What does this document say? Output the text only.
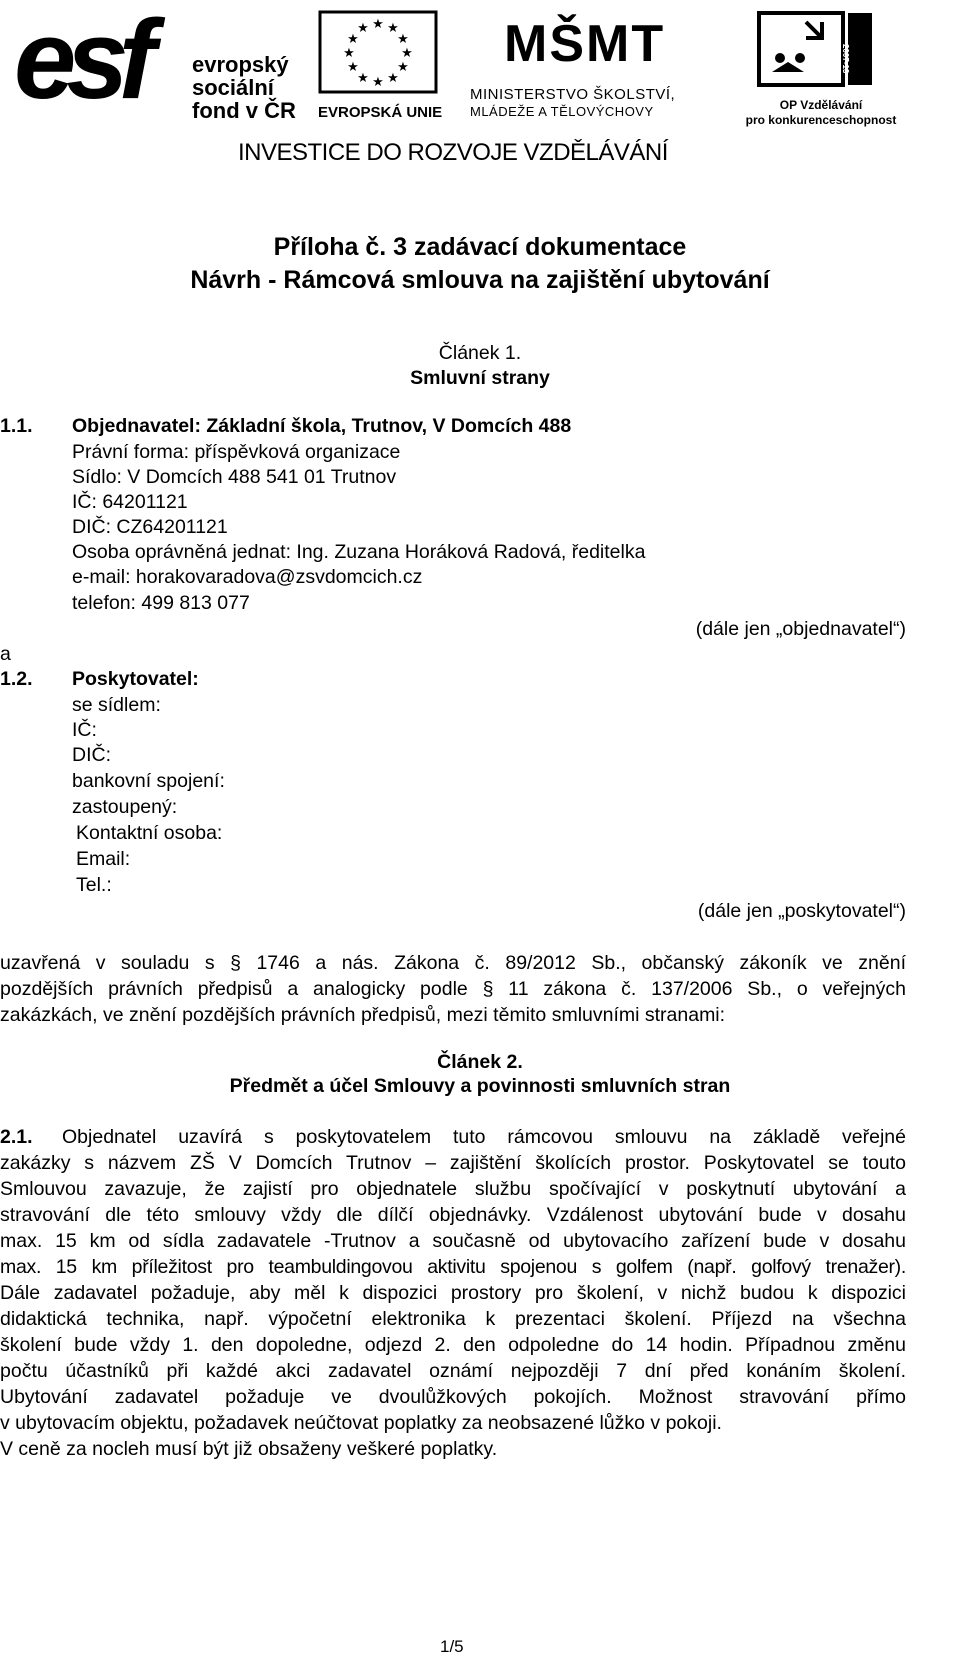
esf	evropský
sociální
fond v ČR
★ ★
★
★
★
★
★
★
★
★
★
★
EVROPSKÁ UNIE
MŠMT
MINISTERSTVO ŠKOLSTVÍ,
MLÁDEŽE A TĚLOVÝCHOVY
2007-13
OP Vzdělávání
pro konkurenceschopnost
INVESTICE DO ROZVOJE VZDĚLÁVÁNÍ
Příloha č. 3 zadávací dokumentace
Návrh - Rámcová smlouva na zajištění ubytování
Článek 1.
Smluvní strany
1.1. Objednavatel: Základní škola, Trutnov, V Domcích 488
Právní forma: příspěvková organizace
Sídlo: V Domcích 488 541 01 Trutnov
IČ: 64201121
DIČ: CZ64201121
Osoba oprávněná jednat: Ing. Zuzana Horáková Radová, ředitelka
e-mail: horakovaradova@zsvdomcich.cz
telefon: 499 813 077
(dále jen „objednavatel“)
a
1.2. Poskytovatel:
se sídlem:
IČ:
DIČ:
bankovní spojení:
zastoupený:
Kontaktní osoba:
Email:
Tel.:
(dále jen „poskytovatel“)
uzavřená v souladu s § 1746 a nás. Zákona č. 89/2012 Sb., občanský zákoník ve znění
pozdějších právních předpisů a analogicky podle § 11 zákona č. 137/2006 Sb., o veřejných
zakázkách, ve znění pozdějších právních předpisů, mezi těmito smluvními stranami:
Článek 2.
Předmět a účel Smlouvy a povinnosti smluvních stran
2.1. Objednatel uzavírá s poskytovatelem tuto rámcovou smlouvu na základě veřejné
zakázky s názvem ZŠ V Domcích Trutnov – zajištění školících prostor. Poskytovatel se touto
Smlouvou zavazuje, že zajistí pro objednatele službu spočívající v poskytnutí ubytování a
stravování dle této smlouvy vždy dle dílčí objednávky. Vzdálenost ubytování bude v dosahu
max. 15 km od sídla zadavatele -Trutnov a současně od ubytovacího zařízení bude v dosahu
max. 15 km příležitost pro teambuldingovou aktivitu spojenou s golfem (např. golfový trenažer).
Dále zadavatel požaduje, aby měl k dispozici prostory pro školení, v nichž budou k dispozici
didaktická technika, např. výpočetní elektronika k prezentaci školení. Příjezd na všechna
školení bude vždy 1. den dopoledne, odjezd 2. den odpoledne do 14 hodin. Případnou změnu
počtu účastníků při každé akci zadavatel oznámí nejpozději 7 dní před konáním školení.
Ubytování zadavatel požaduje ve dvoulůžkových pokojích. Možnost stravování přímo
v ubytovacím objektu, požadavek neúčtovat poplatky za neobsazené lůžko v pokoji.
V ceně za nocleh musí být již obsaženy veškeré poplatky.
1/5
